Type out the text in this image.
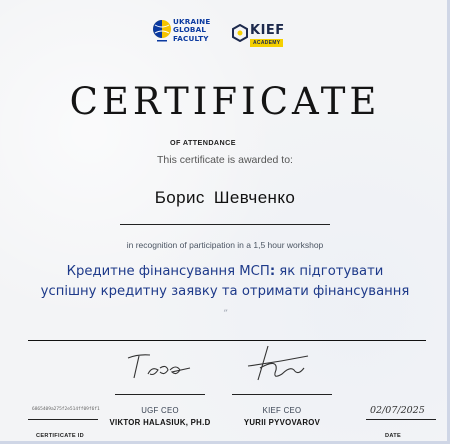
UKRAINE
GLOBAL
FACULTY
KIEF
ACADEMY
CERTIFICATE
OF ATTENDANCE
This certificate is awarded to:
Борис Шевченко
in recognition of participation in a 1,5 hour workshop
Кредитне фінансування МСП: як підготувати успішну кредитну заявку та отримати фінансування ”
6865409a275f2e514ff09f6f1
CERTIFICATE ID
UGF CEO
VIKTOR HALASIUK, PH.D
KIEF CEO
YURII PYVOVAROV
02/07/2025
DATE
